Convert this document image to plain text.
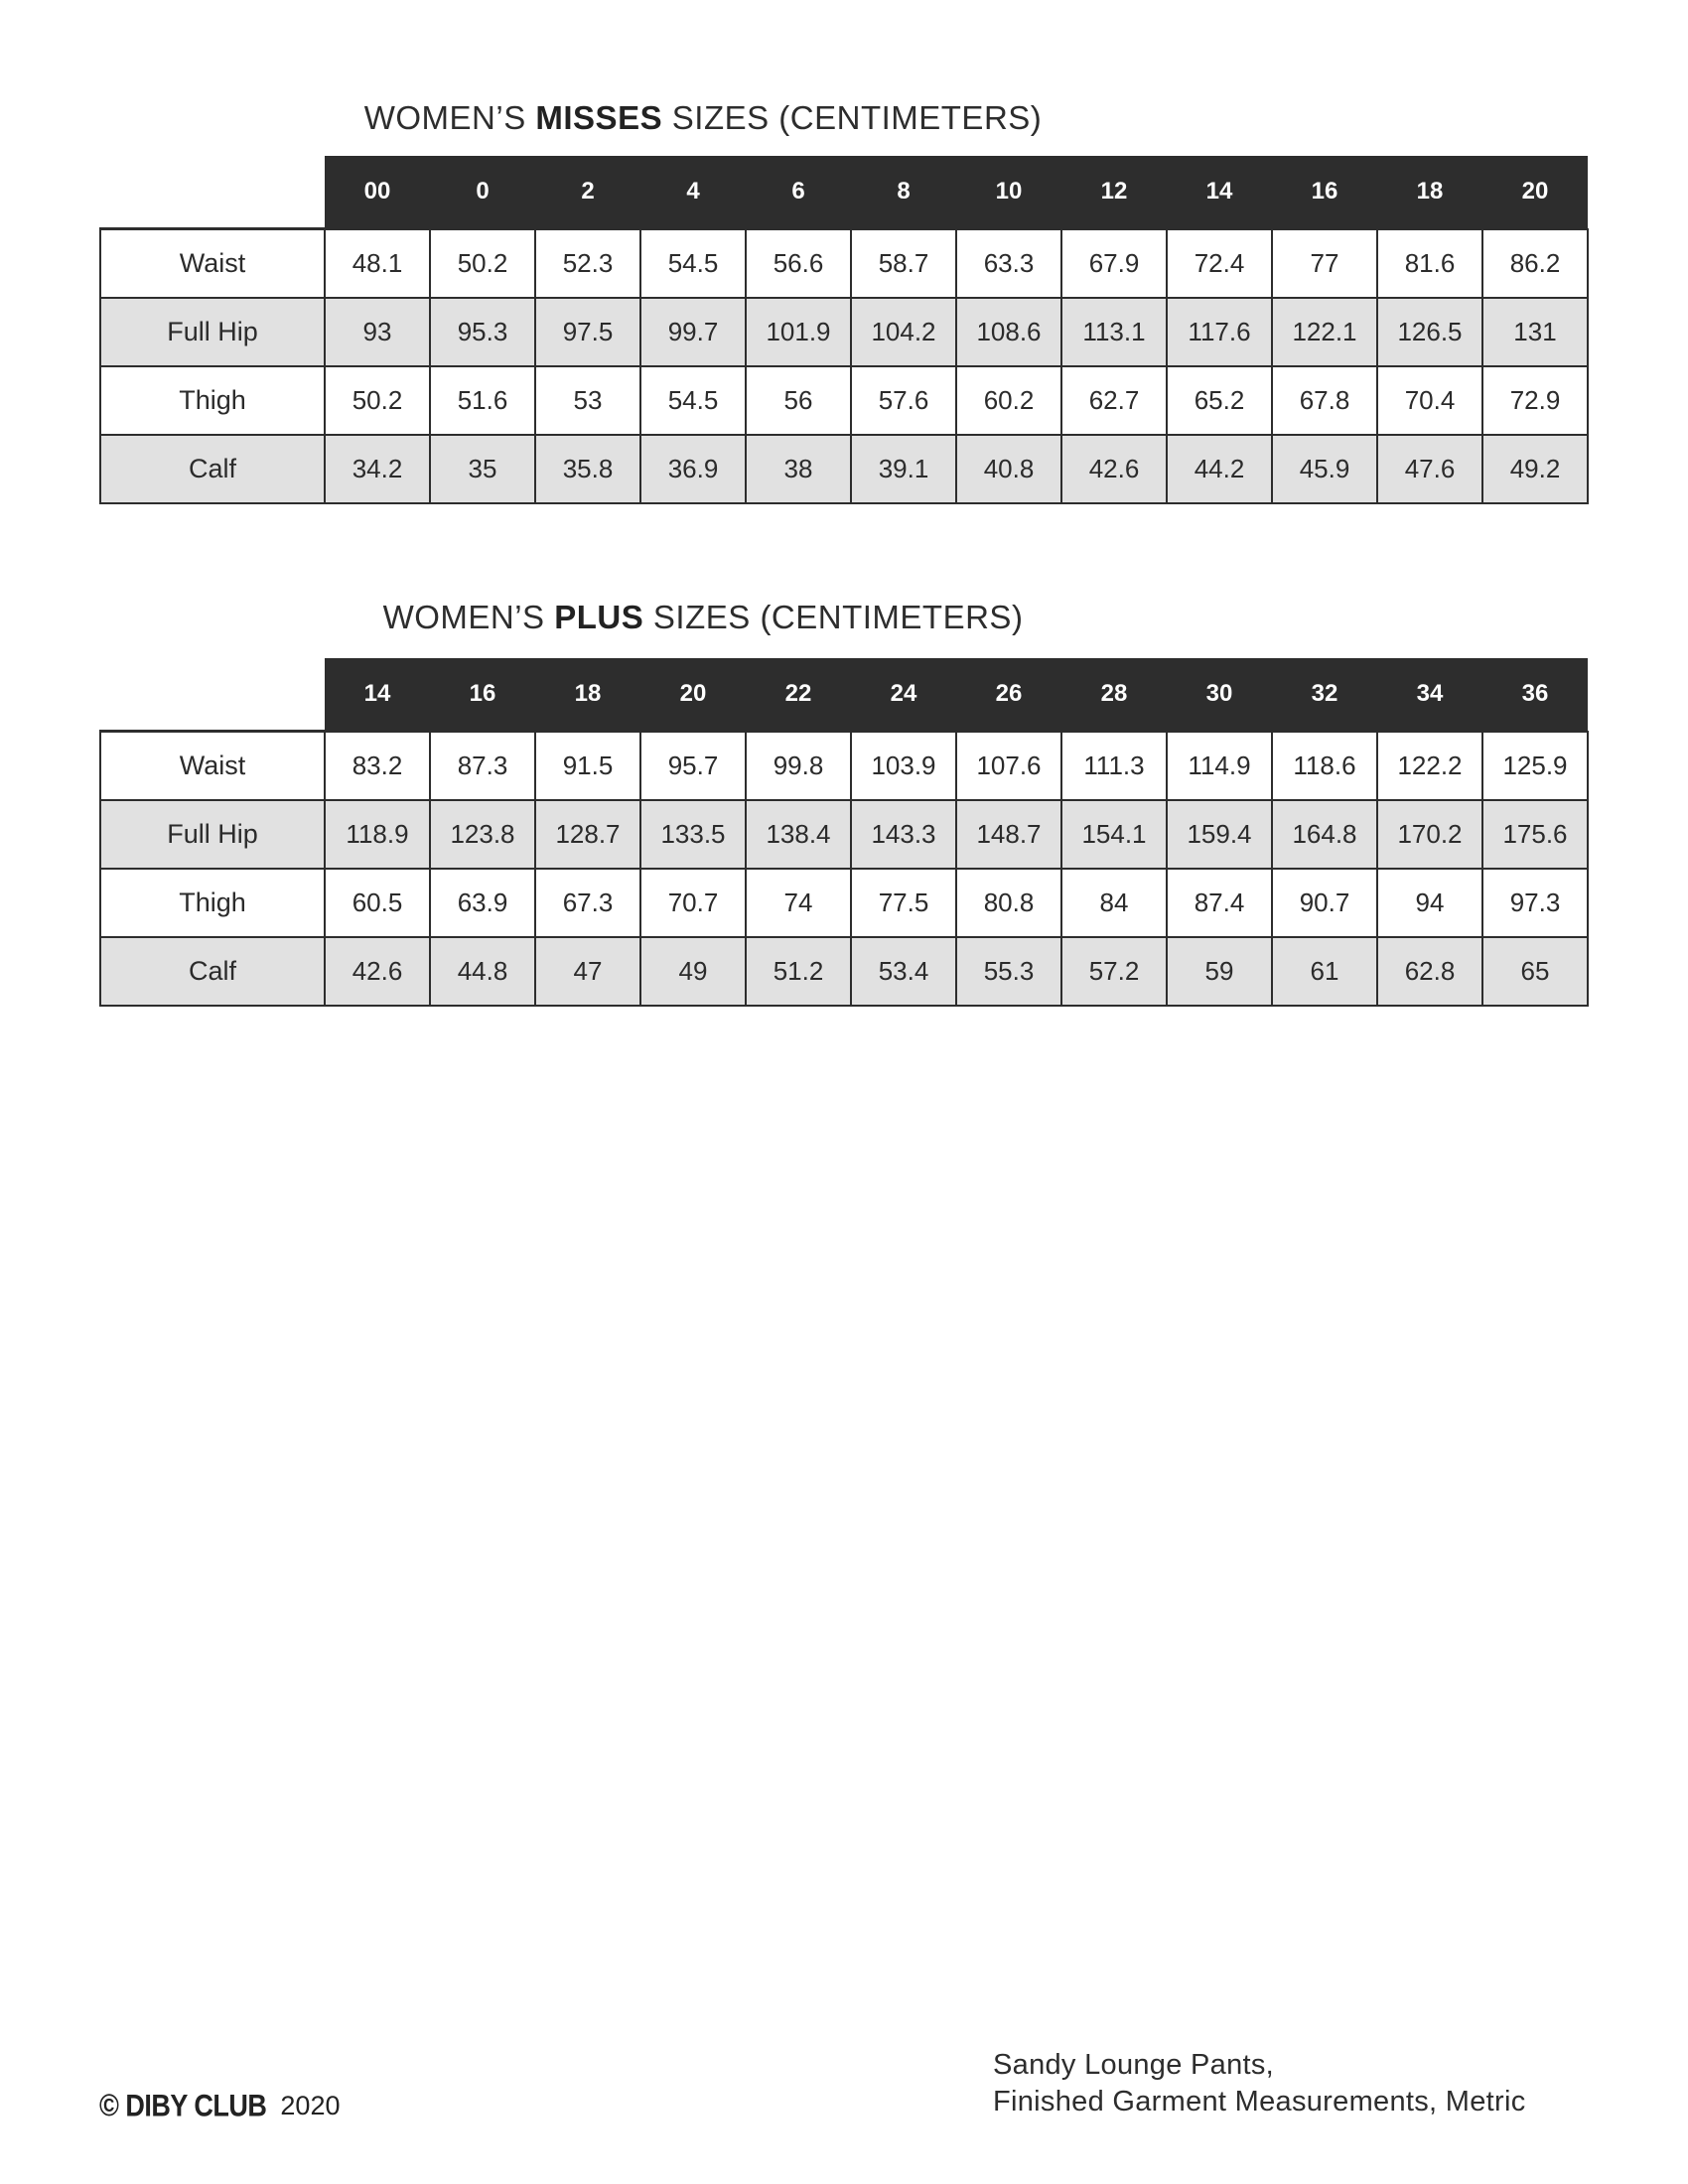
WOMEN’S MISSES SIZES (CENTIMETERS)
	00	0	2	4	6	8	10	12	14	16	18	20
Waist	48.1	50.2	52.3	54.5	56.6	58.7	63.3	67.9	72.4	77	81.6	86.2
Full Hip	93	95.3	97.5	99.7	101.9	104.2	108.6	113.1	117.6	122.1	126.5	131
Thigh	50.2	51.6	53	54.5	56	57.6	60.2	62.7	65.2	67.8	70.4	72.9
Calf	34.2	35	35.8	36.9	38	39.1	40.8	42.6	44.2	45.9	47.6	49.2
WOMEN’S PLUS SIZES (CENTIMETERS)
	14	16	18	20	22	24	26	28	30	32	34	36
Waist	83.2	87.3	91.5	95.7	99.8	103.9	107.6	111.3	114.9	118.6	122.2	125.9
Full Hip	118.9	123.8	128.7	133.5	138.4	143.3	148.7	154.1	159.4	164.8	170.2	175.6
Thigh	60.5	63.9	67.3	70.7	74	77.5	80.8	84	87.4	90.7	94	97.3
Calf	42.6	44.8	47	49	51.2	53.4	55.3	57.2	59	61	62.8	65
© DIBY CLUB 2020
Sandy Lounge Pants,
Finished Garment Measurements, Metric
